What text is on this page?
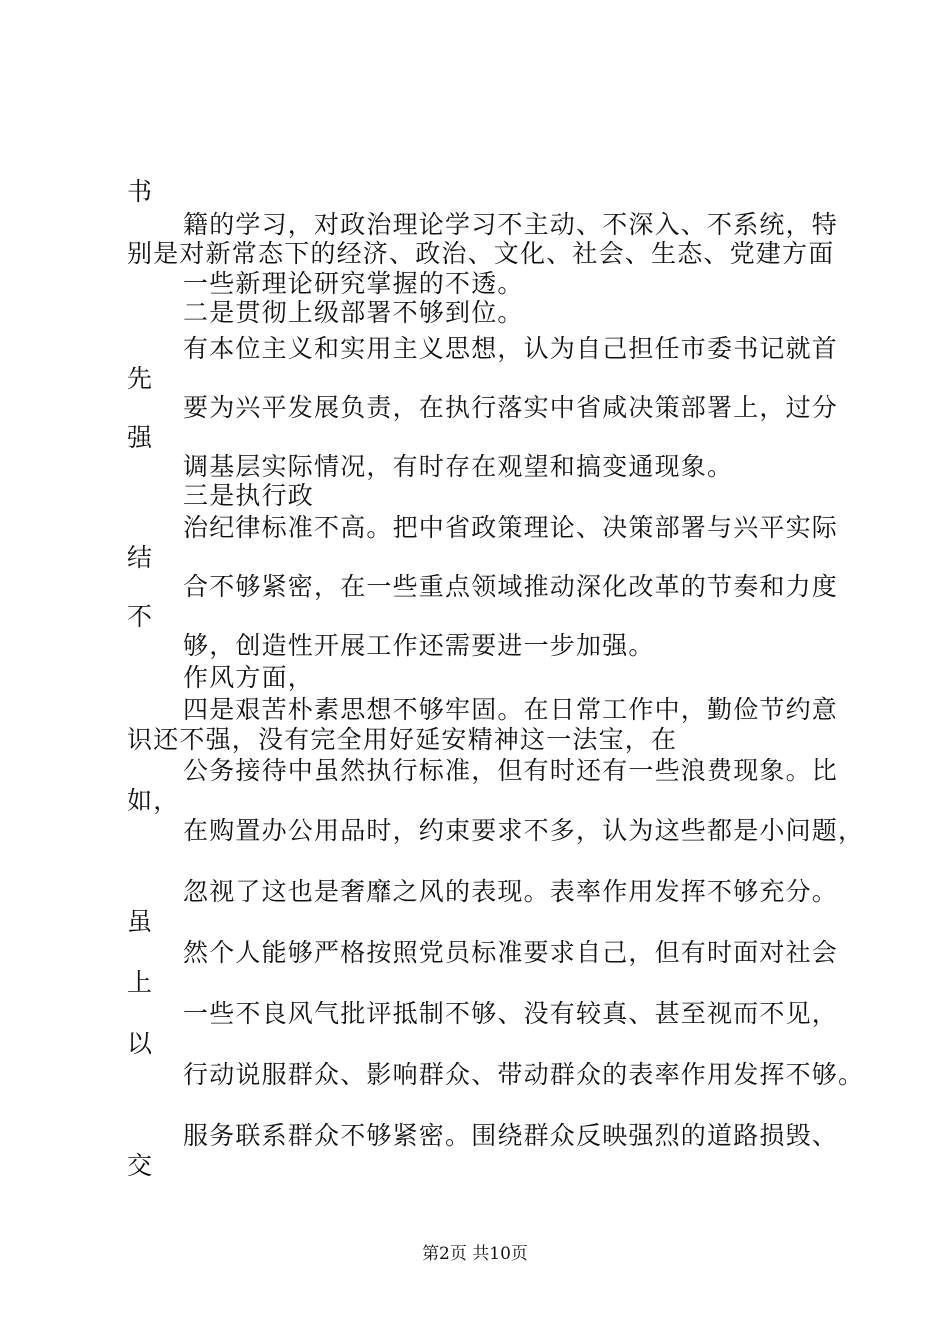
书

籍的学习，对政治理论学习不主动、不深入、不系统，特

别是对新常态下的经济、政治、文化、社会、生态、党建方面

一些新理论研究掌握的不透。

二是贯彻上级部署不够到位。

有本位主义和实用主义思想，认为自己担任市委书记就首

先

要为兴平发展负责，在执行落实中省咸决策部署上，过分

强

调基层实际情况，有时存在观望和搞变通现象。

三是执行政

治纪律标准不高。把中省政策理论、决策部署与兴平实际

结

合不够紧密，在一些重点领域推动深化改革的节奏和力度

不

够，创造性开展工作还需要进一步加强。

作风方面，

四是艰苦朴素思想不够牢固。在日常工作中，勤俭节约意

识还不强，没有完全用好延安精神这一法宝，在

公务接待中虽然执行标准，但有时还有一些浪费现象。比

如，

在购置办公用品时，约束要求不多，认为这些都是小问题，

忽视了这也是奢靡之风的表现。表率作用发挥不够充分。

虽

然个人能够严格按照党员标准要求自己，但有时面对社会

上

一些不良风气批评抵制不够、没有较真、甚至视而不见，

以

行动说服群众、影响群众、带动群众的表率作用发挥不够。

服务联系群众不够紧密。围绕群众反映强烈的道路损毁、

交

第2页 共10页
